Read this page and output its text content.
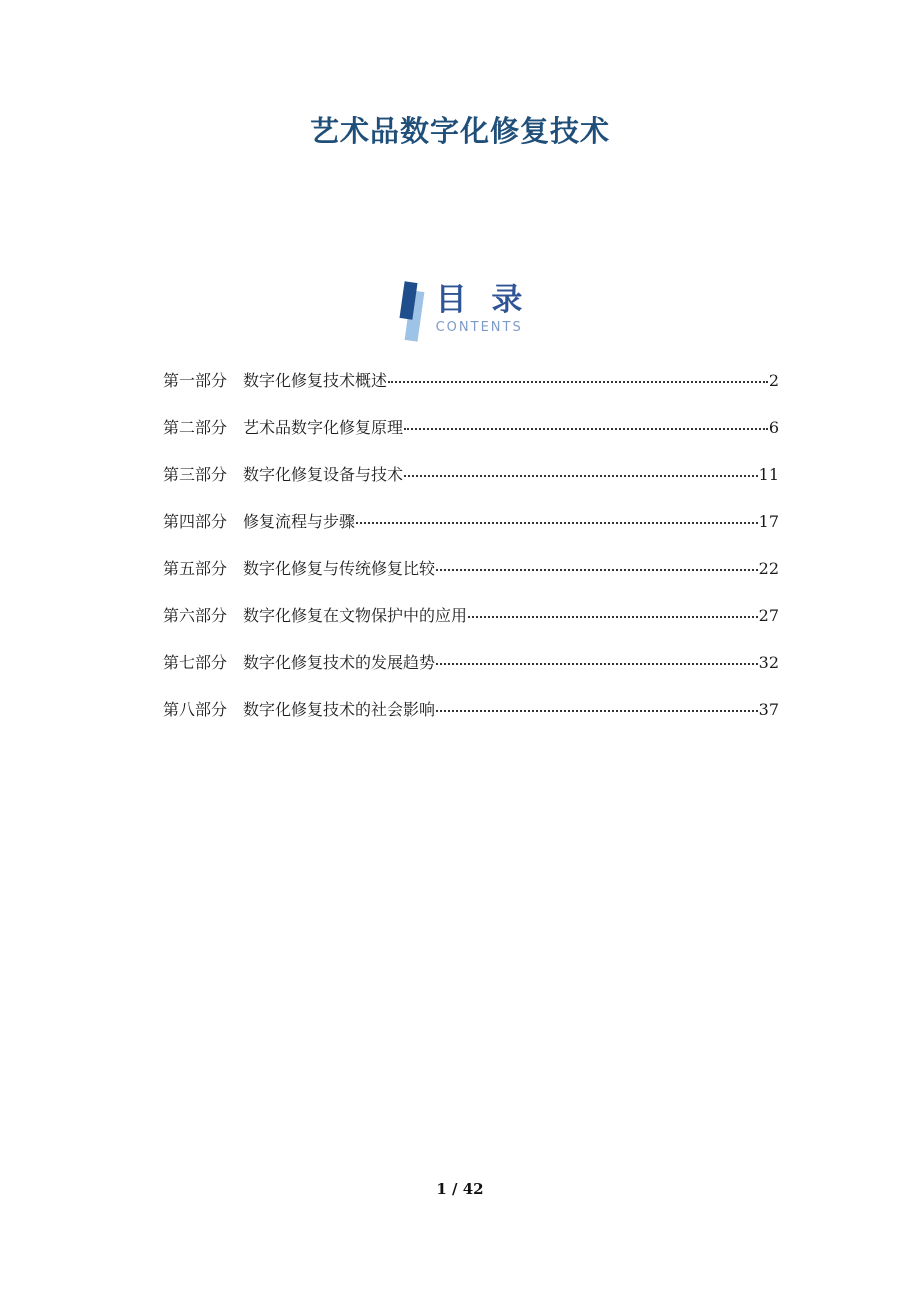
艺术品数字化修复技术
目 录
CONTENTS
第一部分 数字化修复技术概述	2
第二部分 艺术品数字化修复原理	6
第三部分 数字化修复设备与技术	11
第四部分 修复流程与步骤	17
第五部分 数字化修复与传统修复比较	22
第六部分 数字化修复在文物保护中的应用	27
第七部分 数字化修复技术的发展趋势	32
第八部分 数字化修复技术的社会影响	37
1 / 42
